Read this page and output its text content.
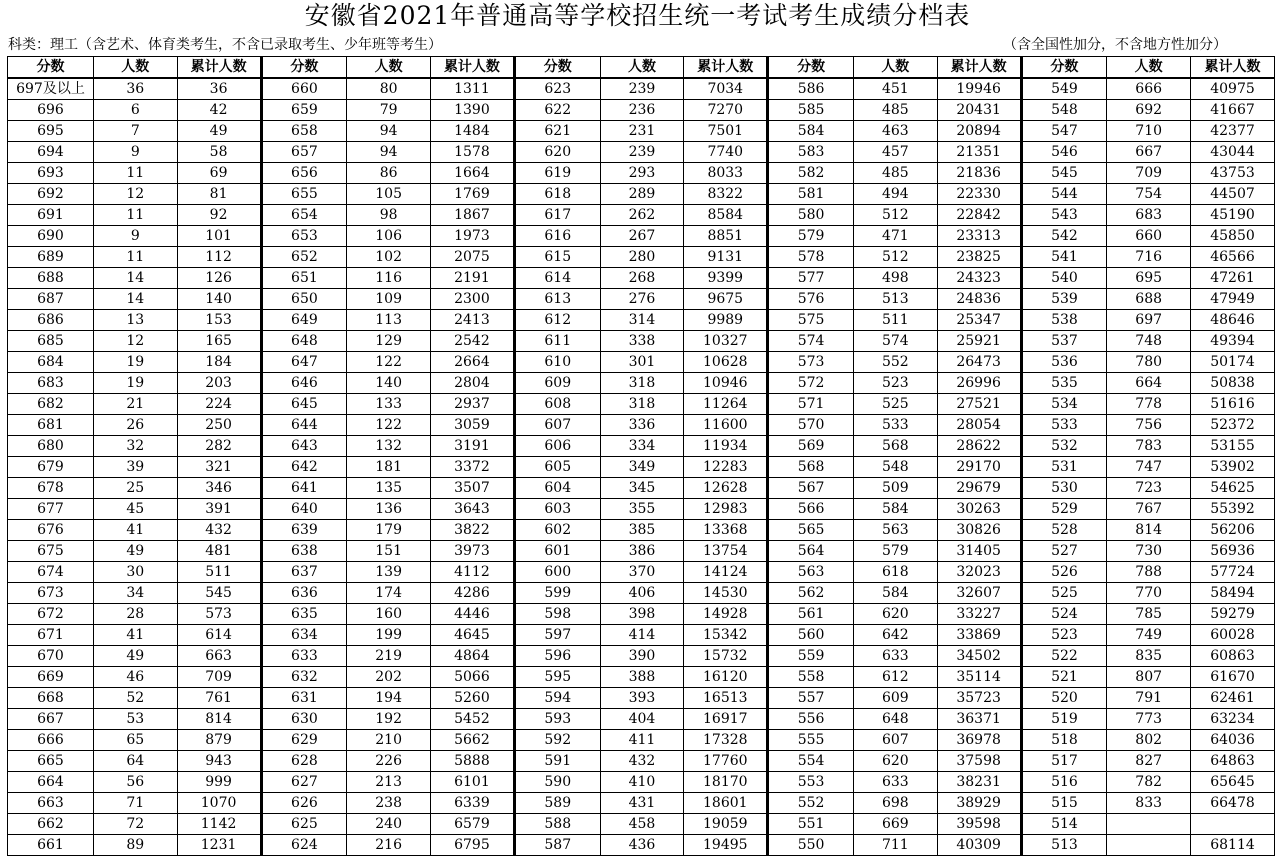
安徽省2021年普通高等学校招生统一考试考生成绩分档表
科类：理工（含艺术、体育类考生，不含已录取考生、少年班等考生）	（含全国性加分，不含地方性加分）
分数	人数	累计人数	分数	人数	累计人数	分数	人数	累计人数	分数	人数	累计人数	分数	人数	累计人数
697及以上	36	36	660	80	1311	623	239	7034	586	451	19946	549	666	40975
696	6	42	659	79	1390	622	236	7270	585	485	20431	548	692	41667
695	7	49	658	94	1484	621	231	7501	584	463	20894	547	710	42377
694	9	58	657	94	1578	620	239	7740	583	457	21351	546	667	43044
693	11	69	656	86	1664	619	293	8033	582	485	21836	545	709	43753
692	12	81	655	105	1769	618	289	8322	581	494	22330	544	754	44507
691	11	92	654	98	1867	617	262	8584	580	512	22842	543	683	45190
690	9	101	653	106	1973	616	267	8851	579	471	23313	542	660	45850
689	11	112	652	102	2075	615	280	9131	578	512	23825	541	716	46566
688	14	126	651	116	2191	614	268	9399	577	498	24323	540	695	47261
687	14	140	650	109	2300	613	276	9675	576	513	24836	539	688	47949
686	13	153	649	113	2413	612	314	9989	575	511	25347	538	697	48646
685	12	165	648	129	2542	611	338	10327	574	574	25921	537	748	49394
684	19	184	647	122	2664	610	301	10628	573	552	26473	536	780	50174
683	19	203	646	140	2804	609	318	10946	572	523	26996	535	664	50838
682	21	224	645	133	2937	608	318	11264	571	525	27521	534	778	51616
681	26	250	644	122	3059	607	336	11600	570	533	28054	533	756	52372
680	32	282	643	132	3191	606	334	11934	569	568	28622	532	783	53155
679	39	321	642	181	3372	605	349	12283	568	548	29170	531	747	53902
678	25	346	641	135	3507	604	345	12628	567	509	29679	530	723	54625
677	45	391	640	136	3643	603	355	12983	566	584	30263	529	767	55392
676	41	432	639	179	3822	602	385	13368	565	563	30826	528	814	56206
675	49	481	638	151	3973	601	386	13754	564	579	31405	527	730	56936
674	30	511	637	139	4112	600	370	14124	563	618	32023	526	788	57724
673	34	545	636	174	4286	599	406	14530	562	584	32607	525	770	58494
672	28	573	635	160	4446	598	398	14928	561	620	33227	524	785	59279
671	41	614	634	199	4645	597	414	15342	560	642	33869	523	749	60028
670	49	663	633	219	4864	596	390	15732	559	633	34502	522	835	60863
669	46	709	632	202	5066	595	388	16120	558	612	35114	521	807	61670
668	52	761	631	194	5260	594	393	16513	557	609	35723	520	791	62461
667	53	814	630	192	5452	593	404	16917	556	648	36371	519	773	63234
666	65	879	629	210	5662	592	411	17328	555	607	36978	518	802	64036
665	64	943	628	226	5888	591	432	17760	554	620	37598	517	827	64863
664	56	999	627	213	6101	590	410	18170	553	633	38231	516	782	65645
663	71	1070	626	238	6339	589	431	18601	552	698	38929	515	833	66478
662	72	1142	625	240	6579	588	458	19059	551	669	39598	514		
661	89	1231	624	216	6795	587	436	19495	550	711	40309	513		68114
